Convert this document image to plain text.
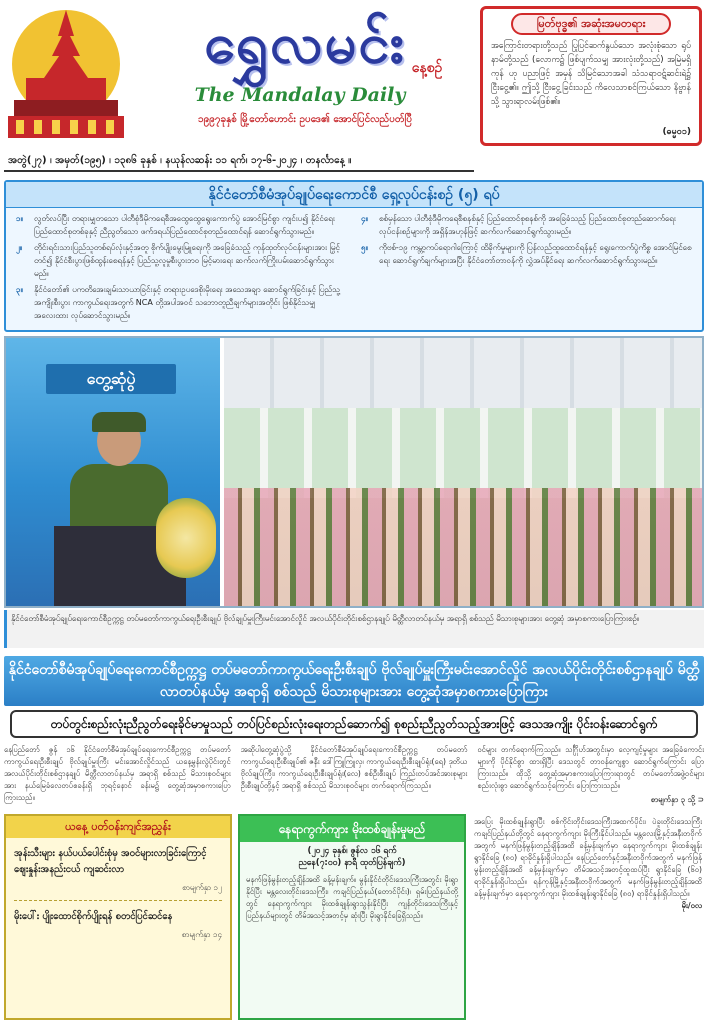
ရွှေလမင်း နေ့စဉ်
The Mandalay Daily
၁၉၉၇ခုနှစ် မြို့တော်ဟောင်း ဥပဒေ၏ အောင်ပြင်လည်ပတ်ပြီ
မြတ်ဗုဒ္ဓ၏ အဆုံးအမတရား
အကြောင်းတရားတို့သည် ပြုပြင်ဆက်နွယ်သော အလုံးစုံသော ရုပ်နာမ်တို့သည် (လောက၌ ဖြစ်ပျက်သမျှ အားလုံးတို့သည်) အမြဲမရှိကုန် ဟု ပညာဖြင့် အမှန် သိမြင်သောအခါ သံသရာဝဋ်ဆင်းရဲ၌ ငြီးငွေ့၏။ ဤသို့ ငြီးငွေ့ခြင်းသည် ကိလေသာစင်ကြယ်သော နိဗ္ဗာန်သို့ သွားရာလမ်းဖြစ်၏။
(ဓမ္မ၀၁)
အတွဲ(၂၇) ၊ အမှတ်(၁၉၅) ၊ ၁၃၈၆ ခုနှစ် ၊ နယုန်လဆန်း ၁၁ ရက်၊ ၁၇-၆-၂၀၂၄ ၊ တနင်္လာနေ့ ။
နိုင်ငံတော်စီမံအုပ်ချုပ်ရေးကောင်စီ ရှေ့လုပ်ငန်းစဉ် (၅) ရပ်
၁။	လွတ်လပ်ပြီး တရားမျှတသော ပါတီစုံဒီမိုကရေစီအထွေထွေရွေးကောက်ပွဲ အောင်မြင်စွာ ကျင်းပ၍ နိုင်ငံရေး ပြည်ထောင်စုတစ်ခုနှင့် ညီညွတ်သော ဖက်ဒရယ်ပြည်ထောင်စုတည်ထောင်ရန် ဆောင်ရွက်သွားမည်။
၂။	တိုင်းရင်းသားပြည်သူတစ်ရပ်လုံးနှင့်အတူ စိုက်ပျိုးမွေးမြူရေးကို အခြေခံသည့် ကုန်ထုတ်လုပ်ငန်းများအား မြှင့်တင်၍ နိုင်ငံစီးပွားဖြစ်ထွန်းစေရန်နှင့် ပြည်သူ့လူမှုစီးပွားဘဝ မြင့်မားရေး ဆက်လက်ကြိုးပမ်းဆောင်ရွက်သွားမည်။
၃။	နိုင်ငံတော်၏ ပကတိအေးချမ်းသာယာခြင်းနှင့် တရားဥပဒေစိုးမိုးရေး အသေအချာ ဆောင်ရွက်ခြင်းနှင့် ပြည်သူ့အကျိုးစီးပွား ကာကွယ်ရေးအတွက် NCA တို့အပါအဝင် သဘောတူညီချက်များအတိုင်း ဖြစ်နိုင်သမျှ အလေးထား လုပ်ဆောင်သွားမည်။
၄။	စစ်မှန်သော ပါတီစုံဒီမိုကရေစီစနစ်နှင့် ပြည်ထောင်စုစနစ်ကို အခြေခံသည့် ပြည်ထောင်စုတည်ဆောက်ရေးလုပ်ငန်းစဉ်များကို အရှိန်အဟုန်ဖြင့် ဆက်လက်ဆောင်ရွက်သွားမည်။
၅။	ကိုဗစ်-၁၉ ကမ္ဘာ့ကပ်ရောဂါကြောင့် ထိခိုက်မှုများကို ပြန်လည်ထူထောင်ရန်နှင့် ရွေးကောက်ပွဲကိစ္စ အောင်မြင်စေရေး ဆောင်ရွက်ချက်များအပြီး နိုင်ငံတော်တာဝန်ကို လွှဲအပ်နိုင်ရေး ဆက်လက်ဆောင်ရွက်သွားမည်။
တွေ့ဆုံပွဲ
နိုင်ငံတော်စီမံအုပ်ချုပ်ရေးကောင်စီဥက္ကဋ္ဌ တပ်မတော်ကာကွယ်ရေးဦးစီးချုပ် ဗိုလ်ချုပ်မှူးကြီးမင်းအောင်လှိုင် အလယ်ပိုင်းတိုင်းစစ်ဌာနချုပ် မိတ္ထီလာတပ်နယ်မှ အရာရှိ စစ်သည် မိသားစုများအား တွေ့ဆုံ အမှာစကားပြောကြားစဉ်။
နိုင်ငံတော်စီမံအုပ်ချုပ်ရေးကောင်စီဥက္ကဋ္ဌ တပ်မတော်ကာကွယ်ရေးဦးစီးချုပ် ဗိုလ်ချုပ်မှူးကြီးမင်းအောင်လှိုင် အလယ်ပိုင်းတိုင်းစစ်ဌာနချုပ် မိတ္ထီလာတပ်နယ်မှ အရာရှိ စစ်သည် မိသားစုများအား တွေ့ဆုံအမှာစကားပြောကြား
တပ်တွင်းစည်းလုံးညီညွတ်ရေးခိုင်မာမှုသည် တပ်ပြင်စည်းလုံးရေးတည်ဆောက်၍ စုစည်းညီညွတ်သည့်အားဖြင့် ဒေသအကျိုး ပိုင်းဝန်းဆောင်ရွက်
နေပြည်တော် ဇွန် ၁၆ နိုင်ငံတော်စီမံအုပ်ချုပ်ရေးကောင်စီဥက္ကဋ္ဌ တပ်မတော်ကာကွယ်ရေးဦးစီးချုပ် ဗိုလ်ချုပ်မှူးကြီး မင်းအောင်လှိုင်သည် ယနေ့မွန်းလွဲပိုင်းတွင် အလယ်ပိုင်းတိုင်းစစ်ဌာနချုပ် မိတ္ထီလာတပ်နယ်မှ အရာရှိ စစ်သည် မိသားစုဝင်များအား နယ်မြေခံလေတပ်စခန်းရှိ ဘုရင့်နောင် ခန်းမ၌ တွေ့ဆုံအမှာစကားပြောကြားသည်။
အဆိုပါတွေ့ဆုံပွဲသို့ နိုင်ငံတော်စီမံအုပ်ချုပ်ရေးကောင်စီဥက္ကဋ္ဌ တပ်မတော်ကာကွယ်ရေးဦးစီးချုပ်၏ ဇနီး ဒေါ်ကြူကြူလှ၊ ကာကွယ်ရေးဦးစီးချုပ်ရုံး(ရေ) ဒုတိယဗိုလ်ချုပ်ကြီး၊ ကာကွယ်ရေးဦးစီးချုပ်ရုံး(လေ) စစ်ဦးစီးချုပ် ကြည်းတပ်အင်အားစုများ ဦးစီးချုပ်တို့နှင့် အရာရှိ စစ်သည် မိသားစုဝင်များ တက်ရောက်ကြသည်။
ဝင်များ တက်ရောက်ကြသည်။ သင်္ဂြိုဟ်အတွင်းမှာ လေ့ကျင့်မှုများ အခြေခံကောင်းများကို ပိုင်နိုင်စွာ ထားရှိပြီး ဒေသတွင် တာဝန်ကျေစွာ ဆောင်ရွက်ကြောင်း ပြောကြားသည်။ ထိုသို့ တွေ့ဆုံအမှာစကားပြောကြားရာတွင် တပ်မတော်အဖွဲ့ဝင်များ စည်းလုံးစွာ ဆောင်ရွက်သင့်ကြောင်း ပြောကြားသည်။
စာမျက်နှာ ၃ သို့ ⊃
ယနေ့ ပတ်ဝန်းကျင်အညွှန်း
အုန်းသီးများ နယ်ပယ်ပေါင်းစုံမှ အဝင်များလာခြင်းကြောင့် ဈေးနှုန်းအနည်းငယ် ကျဆင်းလာ
စာမျက်နှာ ၁၂
မိုးပေါ်း ပျိုးထောင်စိုက်ပျိုးရန် စတင်ပြင်ဆင်နေ
စာမျက်နှာ ၁၄
နေရာကွက်ကျား မိုးထစ်ချုန်းမှုမည်
(၂၀၂၄ ခုနှစ်၊ ဇွန်လ ၁၆ ရက်
ညနေ(၇:၀၀) နာရီ ထုတ်ပြန်ချက်)
မနက်ဖြန်မွန်းတည့်ချိန်အထိ ခန့်မှန်းချက်။ မွန်းနိုင်ငံတိုင်းဒေသကြီးအတွင်း မိုးရွာနိုင်ပြီး မန္တလေးတိုင်းဒေသကြီး၊ ကချင်ပြည်နယ်(တောင်ပိုင်း)၊ ရှမ်းပြည်နယ်တို့တွင် နေရာကွက်ကျား မိုးထစ်ချုန်းရွာသွန်းနိုင်ပြီး ကျန်တိုင်းဒေသကြီးနှင့် ပြည်နယ်များတွင် တိမ်အသင့်အတင့်မှ ဆုံးပြီး မိုးရွာနိုင်ခြေရှိသည်။
အပြေး မိုးထစ်ချုန်းရွာပြီး စစ်ကိုင်းတိုင်းဒေသကြီးအထက်ပိုင်း၊ ပဲခူးတိုင်းဒေသကြီး ကချင်ပြည်နယ်တို့တွင် နေရာကွက်ကျား မိုးကြီးနိုင်ပါသည်။ မန္တလေးမြို့နှင့်အနီးတဝိုက်အတွက် မနက်ဖြန်မွန်းတည့်ချိန်အထိ ခန့်မှန်းချက်မှာ နေရာကွက်ကျား မိုးထစ်ချုန်း ရွာနိုင်ခြေ (၈၀) ရာခိုင်နှုန်းရှိပါသည်။ နေပြည်တော်နှင့်အနီးတဝိုက်အတွက် မနက်ဖြန်မွန်းတည့်ချိန်အထိ ခန့်မှန်းချက်မှာ တိမ်အသင့်အတင့်ထူထပ်ပြီး ရွာနိုင်ခြေ (၆၀) ရာခိုင်နှုန်းရှိပါသည်။ ရန်ကုန်မြို့နှင့်အနီးတဝိုက်အတွက် မနက်ဖြန်မွန်းတည့်ချိန်အထိ ခန့်မှန်းချက်မှာ နေရာကွက်ကျား မိုးထစ်ချုန်းရွာနိုင်ခြေ (၈၀) ရာခိုင်နှုန်းရှိပါသည်။
မိုး/၀လ
